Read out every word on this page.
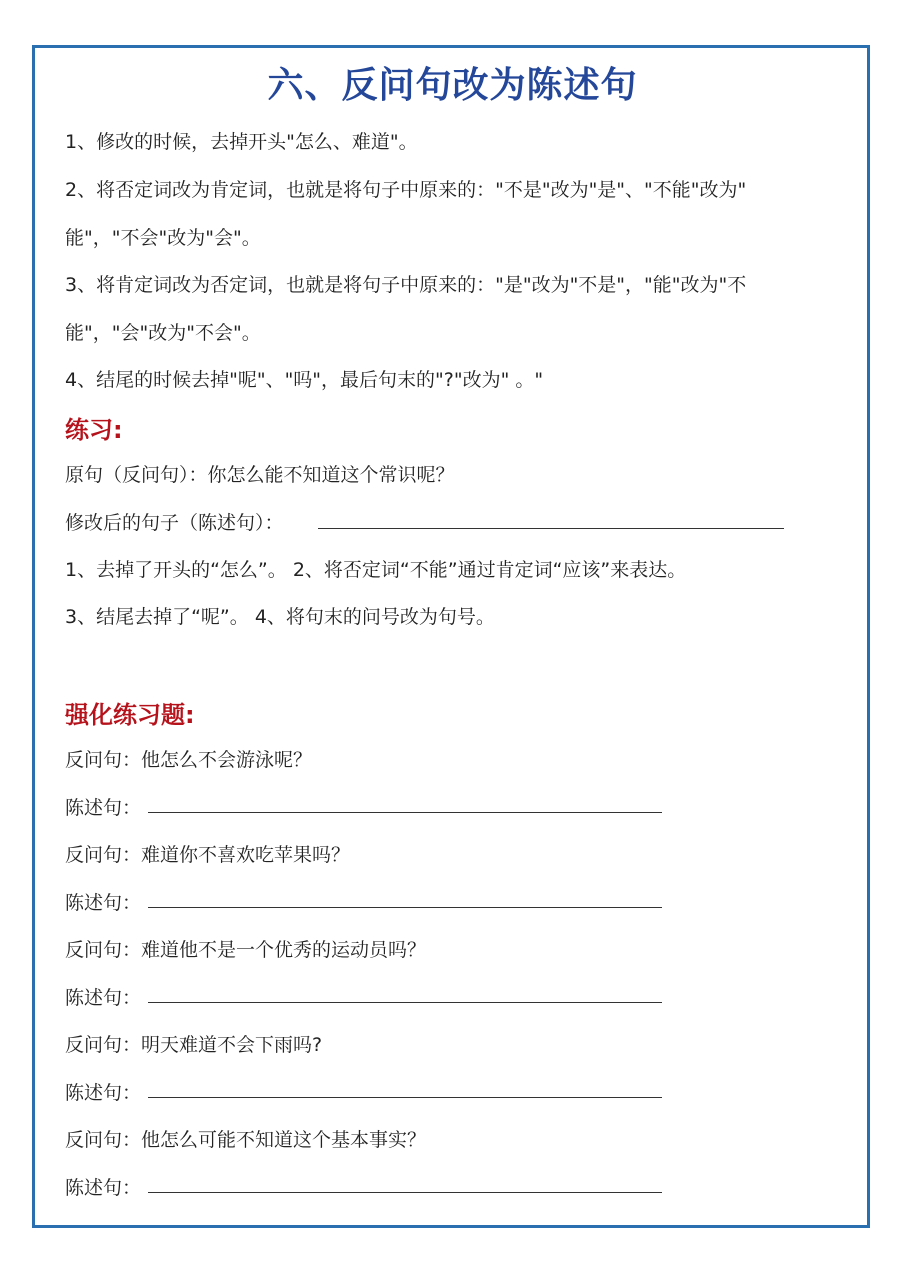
六、反问句改为陈述句
1、修改的时候，去掉开头"怎么、难道"。
2、将否定词改为肯定词，也就是将句子中原来的："不是"改为"是"、"不能"改为"
能"，"不会"改为"会"。
3、将肯定词改为否定词，也就是将句子中原来的："是"改为"不是"，"能"改为"不
能"，"会"改为"不会"。
4、结尾的时候去掉"呢"、"吗"，最后句末的"?"改为" 。"
练习:
原句（反问句）：你怎么能不知道这个常识呢？
修改后的句子（陈述句）：
1、去掉了开头的“怎么”。 2、将否定词“不能”通过肯定词“应该”来表达。
3、结尾去掉了“呢”。 4、将句末的问号改为句号。
强化练习题:
反问句：他怎么不会游泳呢？
陈述句：
反问句：难道你不喜欢吃苹果吗？
陈述句：
反问句：难道他不是一个优秀的运动员吗？
陈述句：
反问句：明天难道不会下雨吗?
陈述句：
反问句：他怎么可能不知道这个基本事实？
陈述句：
